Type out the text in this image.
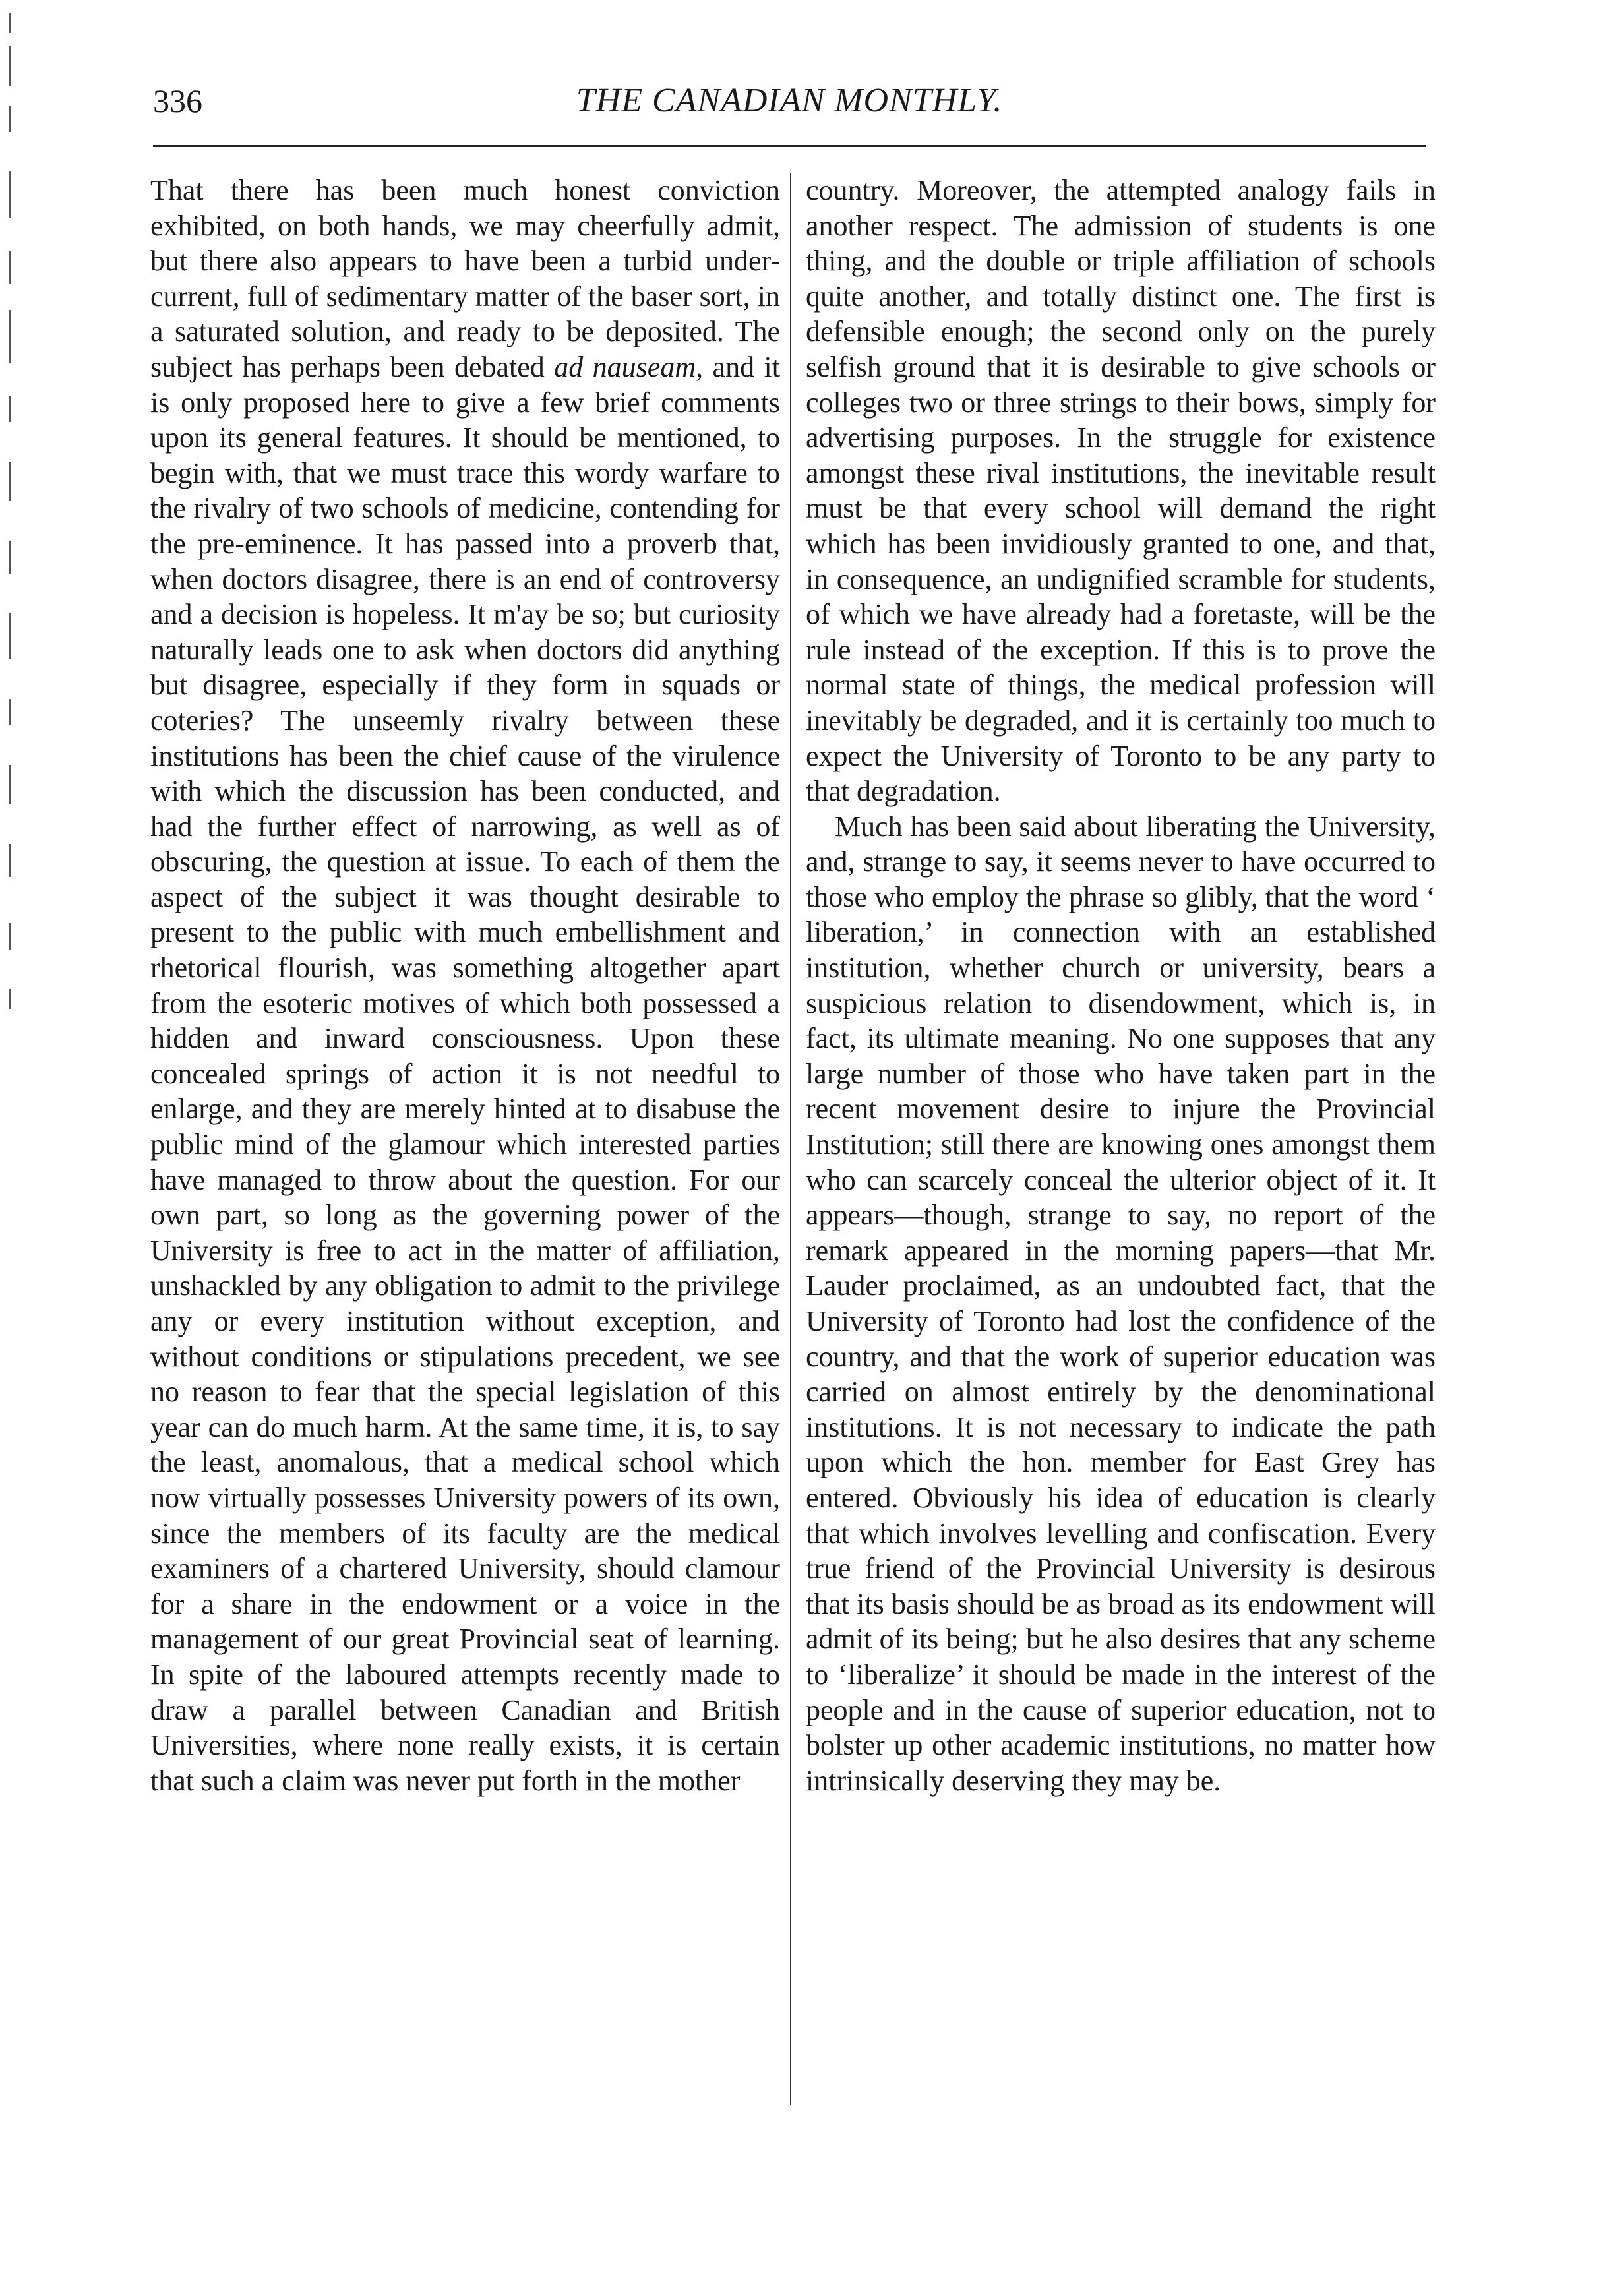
336	THE CANADIAN MONTHLY.

That there has been much honest conviction exhibited, on both hands, we may cheerfully admit, but there also appears to have been a turbid under-current, full of sedimentary matter of the baser sort, in a saturated solution, and ready to be deposited. The subject has perhaps been debated ad nauseam, and it is only proposed here to give a few brief comments upon its general features. It should be mentioned, to begin with, that we must trace this wordy warfare to the rivalry of two schools of medicine, contending for the pre-eminence. It has passed into a proverb that, when doctors disagree, there is an end of controversy and a decision is hopeless. It m'ay be so; but curiosity naturally leads one to ask when doctors did anything but disagree, especially if they form in squads or coteries? The unseemly rivalry between these institutions has been the chief cause of the virulence with which the discussion has been conducted, and had the further effect of narrowing, as well as of obscuring, the question at issue. To each of them the aspect of the subject it was thought desirable to present to the public with much embellishment and rhetorical flourish, was something altogether apart from the esoteric motives of which both possessed a hidden and inward consciousness. Upon these concealed springs of action it is not needful to enlarge, and they are merely hinted at to disabuse the public mind of the glamour which interested parties have managed to throw about the question. For our own part, so long as the governing power of the University is free to act in the matter of affiliation, unshackled by any obligation to admit to the privilege any or every institution without exception, and without conditions or stipulations precedent, we see no reason to fear that the special legislation of this year can do much harm. At the same time, it is, to say the least, anomalous, that a medical school which now virtually possesses University powers of its own, since the members of its faculty are the medical examiners of a chartered University, should clamour for a share in the endowment or a voice in the management of our great Provincial seat of learning. In spite of the laboured attempts recently made to draw a parallel between Canadian and British Universities, where none really exists, it is certain that such a claim was never put forth in the mother

country. Moreover, the attempted analogy fails in another respect. The admission of students is one thing, and the double or triple affiliation of schools quite another, and totally distinct one. The first is defensible enough; the second only on the purely selfish ground that it is desirable to give schools or colleges two or three strings to their bows, simply for advertising purposes. In the struggle for existence amongst these rival institutions, the inevitable result must be that every school will demand the right which has been invidiously granted to one, and that, in consequence, an undignified scramble for students, of which we have already had a foretaste, will be the rule instead of the exception. If this is to prove the normal state of things, the medical profession will inevitably be degraded, and it is certainly too much to expect the University of Toronto to be any party to that degradation.

Much has been said about liberating the University, and, strange to say, it seems never to have occurred to those who employ the phrase so glibly, that the word ‘ liberation,’ in connection with an established institution, whether church or university, bears a suspicious relation to disendowment, which is, in fact, its ultimate meaning. No one supposes that any large number of those who have taken part in the recent movement desire to injure the Provincial Institution; still there are knowing ones amongst them who can scarcely conceal the ulterior object of it. It appears—though, strange to say, no report of the remark appeared in the morning papers—that Mr. Lauder proclaimed, as an undoubted fact, that the University of Toronto had lost the confidence of the country, and that the work of superior education was carried on almost entirely by the denominational institutions. It is not necessary to indicate the path upon which the hon. member for East Grey has entered. Obviously his idea of education is clearly that which involves levelling and confiscation. Every true friend of the Provincial University is desirous that its basis should be as broad as its endowment will admit of its being; but he also desires that any scheme to ‘liberalize’ it should be made in the interest of the people and in the cause of superior education, not to bolster up other academic institutions, no matter how intrinsically deserving they may be.
